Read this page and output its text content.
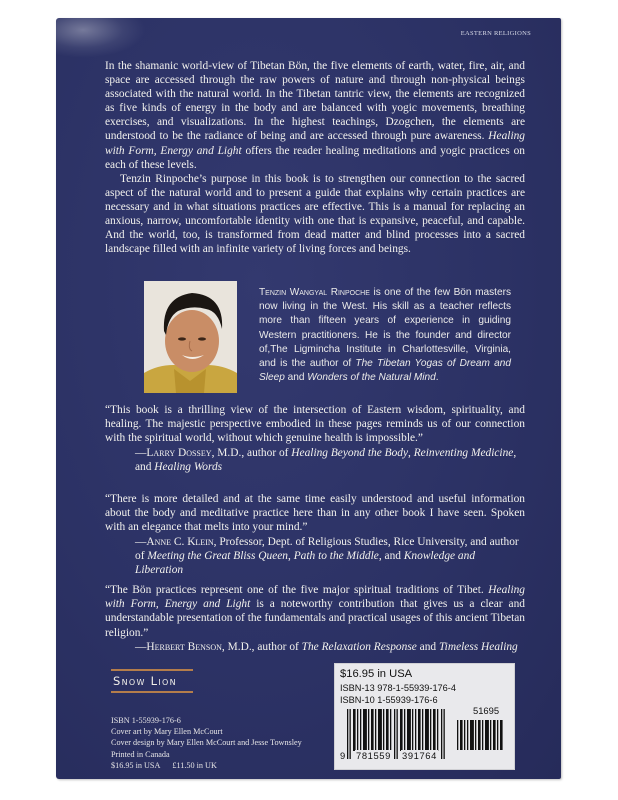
EASTERN RELIGIONS

In the shamanic world-view of Tibetan Bön, the five elements of earth, water, fire, air, and space are accessed through the raw powers of nature and through non-physical beings associated with the natural world. In the Tibetan tantric view, the elements are recognized as five kinds of energy in the body and are balanced with yogic movements, breathing exercises, and visualizations. In the highest teachings, Dzogchen, the elements are understood to be the radiance of being and are accessed through pure awareness. Healing with Form, Energy and Light offers the reader healing meditations and yogic practices on each of these levels.

Tenzin Rinpoche’s purpose in this book is to strengthen our connection to the sacred aspect of the natural world and to present a guide that explains why certain practices are necessary and in what situations practices are effective. This is a manual for replacing an anxious, narrow, uncomfortable identity with one that is expansive, peaceful, and capable. And the world, too, is transformed from dead matter and blind processes into a sacred landscape filled with an infinite variety of living forces and beings.

Tenzin Wangyal Rinpoche is one of the few Bön masters now living in the West. His skill as a teacher reflects more than fifteen years of experience in guiding Western practitioners. He is the founder and director of,The Ligmincha Institute in Charlottesville, Virginia, and is the author of The Tibetan Yogas of Dream and Sleep and Wonders of the Natural Mind.

“This book is a thrilling view of the intersection of Eastern wisdom, spirituality, and healing. The majestic perspective embodied in these pages reminds us of our connection with the spiritual world, without which genuine health is impossible.”

—Larry Dossey, M.D., author of Healing Beyond the Body, Reinventing Medicine, and Healing Words

“There is more detailed and at the same time easily understood and useful information about the body and meditative practice here than in any other book I have seen. Spoken with an elegance that melts into your mind.”

—Anne C. Klein, Professor, Dept. of Religious Studies, Rice University, and author of Meeting the Great Bliss Queen, Path to the Middle, and Knowledge and Liberation

“The Bön practices represent one of the five major spiritual traditions of Tibet. Healing with Form, Energy and Light is a noteworthy contribution that gives us a clear and understandable presentation of the fundamentals and practical usages of this ancient Tibetan religion.”

—Herbert Benson, M.D., author of The Relaxation Response and Timeless Healing

Snow Lion
ISBN 1-55939-176-6
Cover art by Mary Ellen McCourt
Cover design by Mary Ellen McCourt and Jesse Townsley
Printed in Canada
$16.95 in USA £11.50 in UK
$16.95 in USA
ISBN-13 978-1-55939-176-4
ISBN-10 1-55939-176-6
51695
9 781559 391764
